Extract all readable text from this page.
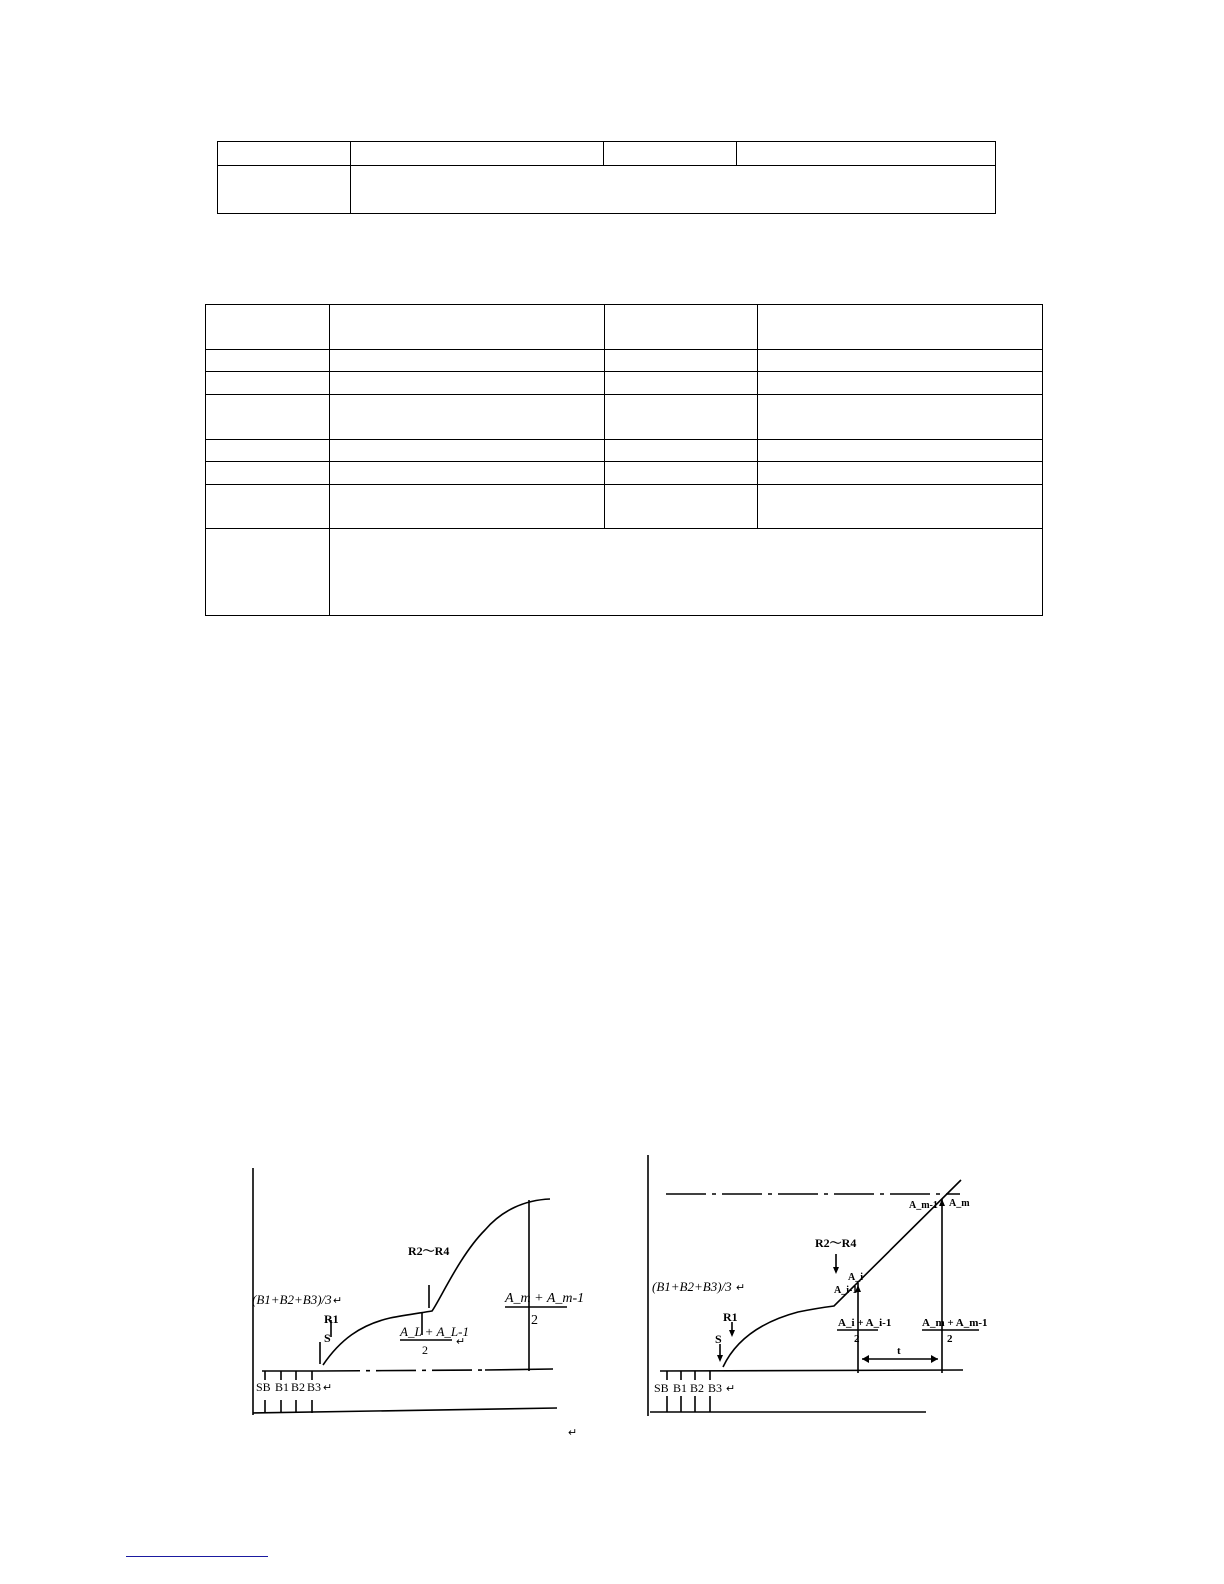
SB B1 B2 B3 ↵
(B1+B2+B3)/3 ↵
S
R1
R2～R4
A_L + A_L-1
2
↵
A_m + A_m-1
2
↵
SB B1 B2 B3 ↵
(B1+B2+B3)/3 ↵
S
R1
R2～R4
A_i
A_i-1
A_m
A_m-1
A_i + A_i-1
2
A_m + A_m-1
2
t
